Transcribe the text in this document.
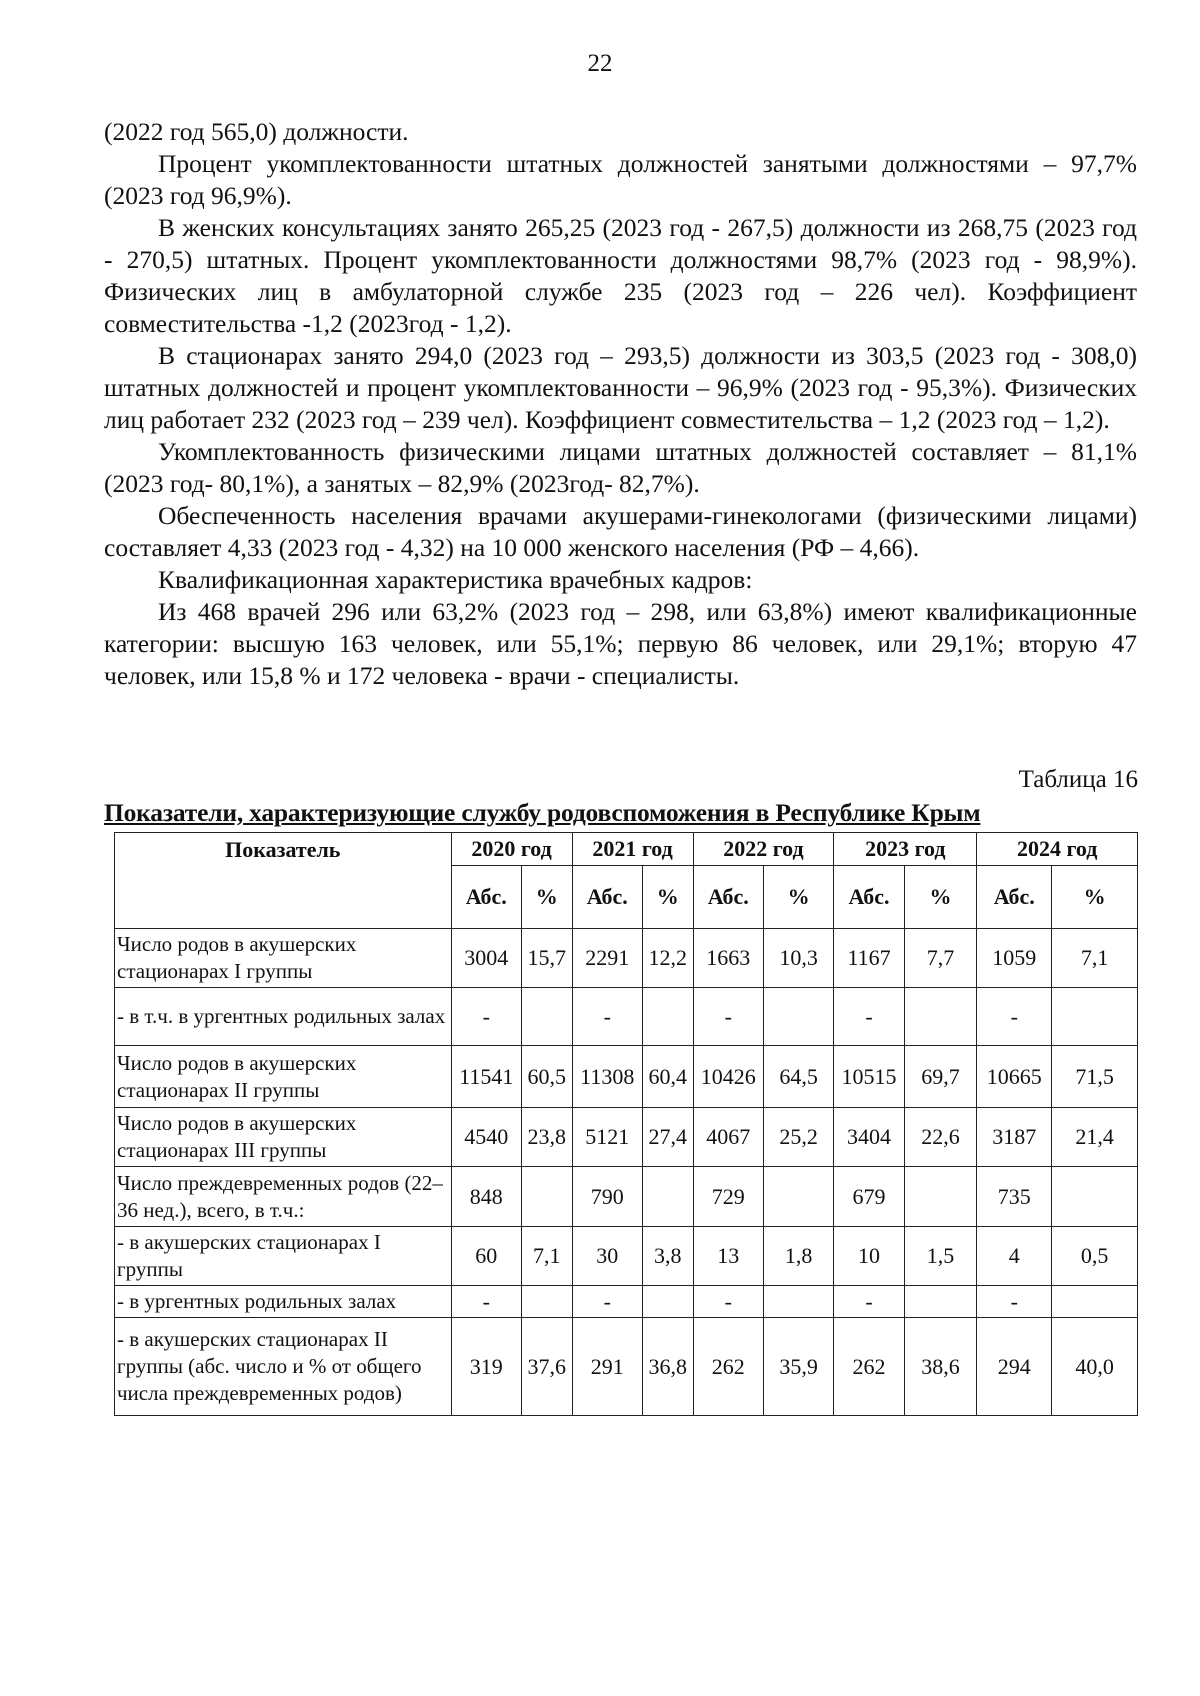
22

(2022 год 565,0) должности.

Процент укомплектованности штатных должностей занятыми должностями – 97,7% (2023 год 96,9%).

В женских консультациях занято 265,25 (2023 год - 267,5) должности из 268,75 (2023 год - 270,5) штатных. Процент укомплектованности должностями 98,7% (2023 год - 98,9%). Физических лиц в амбулаторной службе 235 (2023 год – 226 чел). Коэффициент совместительства -1,2 (2023год - 1,2).

В стационарах занято 294,0 (2023 год – 293,5) должности из 303,5 (2023 год - 308,0) штатных должностей и процент укомплектованности – 96,9% (2023 год - 95,3%). Физических лиц работает 232 (2023 год – 239 чел). Коэффициент совместительства – 1,2 (2023 год – 1,2).

Укомплектованность физическими лицами штатных должностей составляет – 81,1% (2023 год- 80,1%), а занятых – 82,9% (2023год- 82,7%).

Обеспеченность населения врачами акушерами-гинекологами (физическими лицами) составляет 4,33 (2023 год - 4,32) на 10 000 женского населения (РФ – 4,66).

Квалификационная характеристика врачебных кадров:

Из 468 врачей 296 или 63,2% (2023 год – 298, или 63,8%) имеют квалификационные категории: высшую 163 человек, или 55,1%; первую 86 человек, или 29,1%; вторую 47 человек, или 15,8 % и 172 человека - врачи - специалисты.

Таблица 16
Показатели, характеризующие службу родовспоможения в Республике Крым
Показатель	2020 год		2021 год		2022 год		2023 год		2024 год	
	Абс.	%	Абс.	%	Абс.	%	Абс.	%	Абс.	%
Число родов в акушерских стационарах I группы	3004	15,7	2291	12,2	1663	10,3	1167	7,7	1059	7,1
- в т.ч. в ургентных родильных залах	-		-		-		-		-	
Число родов в акушерских стационарах II группы	11541	60,5	11308	60,4	10426	64,5	10515	69,7	10665	71,5
Число родов в акушерских стационарах III группы	4540	23,8	5121	27,4	4067	25,2	3404	22,6	3187	21,4
Число преждевременных родов (22–36 нед.), всего, в т.ч.:	848		790		729		679		735	
- в акушерских стационарах I группы	60	7,1	30	3,8	13	1,8	10	1,5	4	0,5
- в ургентных родильных залах	-		-		-		-		-	
- в акушерских стационарах II группы (абс. число и % от общего числа преждевременных родов)	319	37,6	291	36,8	262	35,9	262	38,6	294	40,0
